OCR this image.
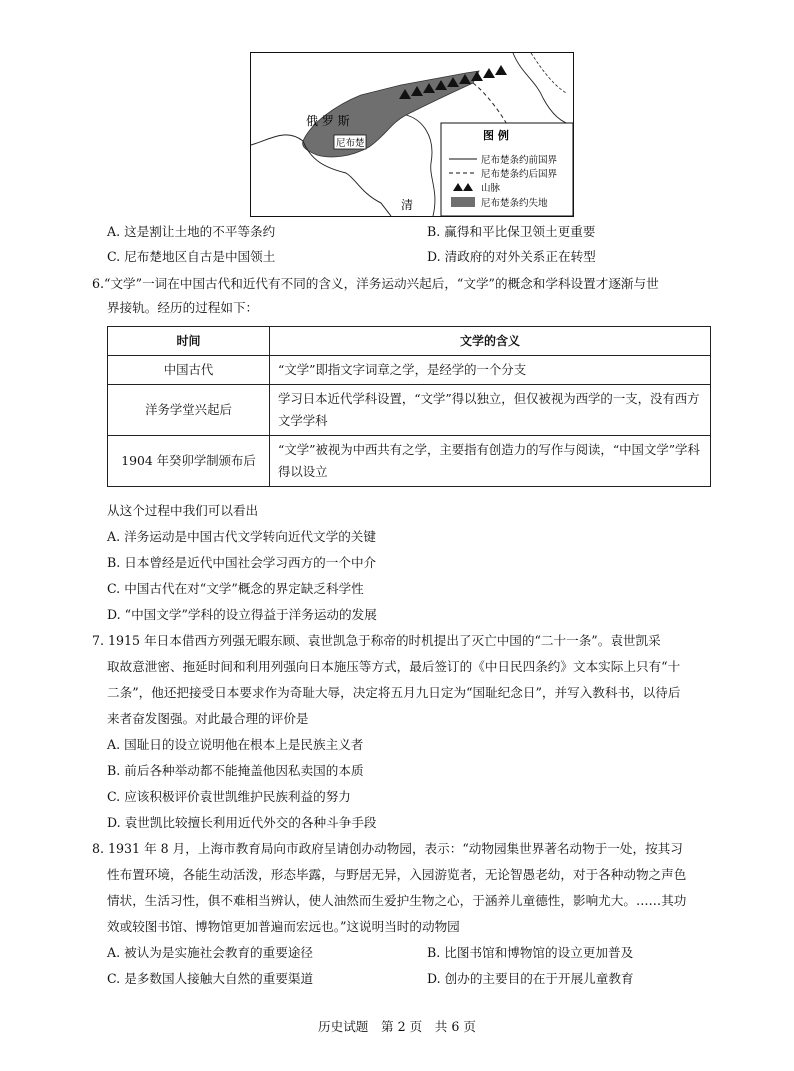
俄 罗 斯
尼布楚
清
图 例
尼布楚条约前国界
尼布楚条约后国界
山脉
尼布楚条约失地
A. 这是割让土地的不平等条约	B. 赢得和平比保卫领土更重要
C. 尼布楚地区自古是中国领土	D. 清政府的对外关系正在转型
6.“文学”一词在中国古代和近代有不同的含义，洋务运动兴起后，“文学”的概念和学科设置才逐渐与世
界接轨。经历的过程如下：
时间	文学的含义
中国古代	“文学”即指文字词章之学，是经学的一个分支
洋务学堂兴起后	学习日本近代学科设置，“文学”得以独立，但仅被视为西学的一支，没有西方文学学科
1904 年癸卯学制颁布后	“文学”被视为中西共有之学，主要指有创造力的写作与阅读，“中国文学”学科得以设立
从这个过程中我们可以看出
A. 洋务运动是中国古代文学转向近代文学的关键
B. 日本曾经是近代中国社会学习西方的一个中介
C. 中国古代在对“文学”概念的界定缺乏科学性
D. “中国文学”学科的设立得益于洋务运动的发展
7. 1915 年日本借西方列强无暇东顾、袁世凯急于称帝的时机提出了灭亡中国的“二十一条”。袁世凯采
取故意泄密、拖延时间和利用列强向日本施压等方式，最后签订的《中日民四条约》文本实际上只有“十
二条”，他还把接受日本要求作为奇耻大辱，决定将五月九日定为“国耻纪念日”，并写入教科书，以待后
来者奋发图强。对此最合理的评价是
A. 国耻日的设立说明他在根本上是民族主义者
B. 前后各种举动都不能掩盖他因私卖国的本质
C. 应该积极评价袁世凯维护民族利益的努力
D. 袁世凯比较擅长利用近代外交的各种斗争手段
8. 1931 年 8 月，上海市教育局向市政府呈请创办动物园，表示：“动物园集世界著名动物于一处，按其习
性布置环境，各能生动活泼，形态毕露，与野居无异，入园游览者，无论智愚老幼，对于各种动物之声色
情状，生活习性，俱不难相当辨认，使人油然而生爱护生物之心，于涵养儿童德性，影响尤大。……其功
效或较图书馆、博物馆更加普遍而宏远也。”这说明当时的动物园
A. 被认为是实施社会教育的重要途径	B. 比图书馆和博物馆的设立更加普及
C. 是多数国人接触大自然的重要渠道	D. 创办的主要目的在于开展儿童教育
历史试题　第 2 页　共 6 页
